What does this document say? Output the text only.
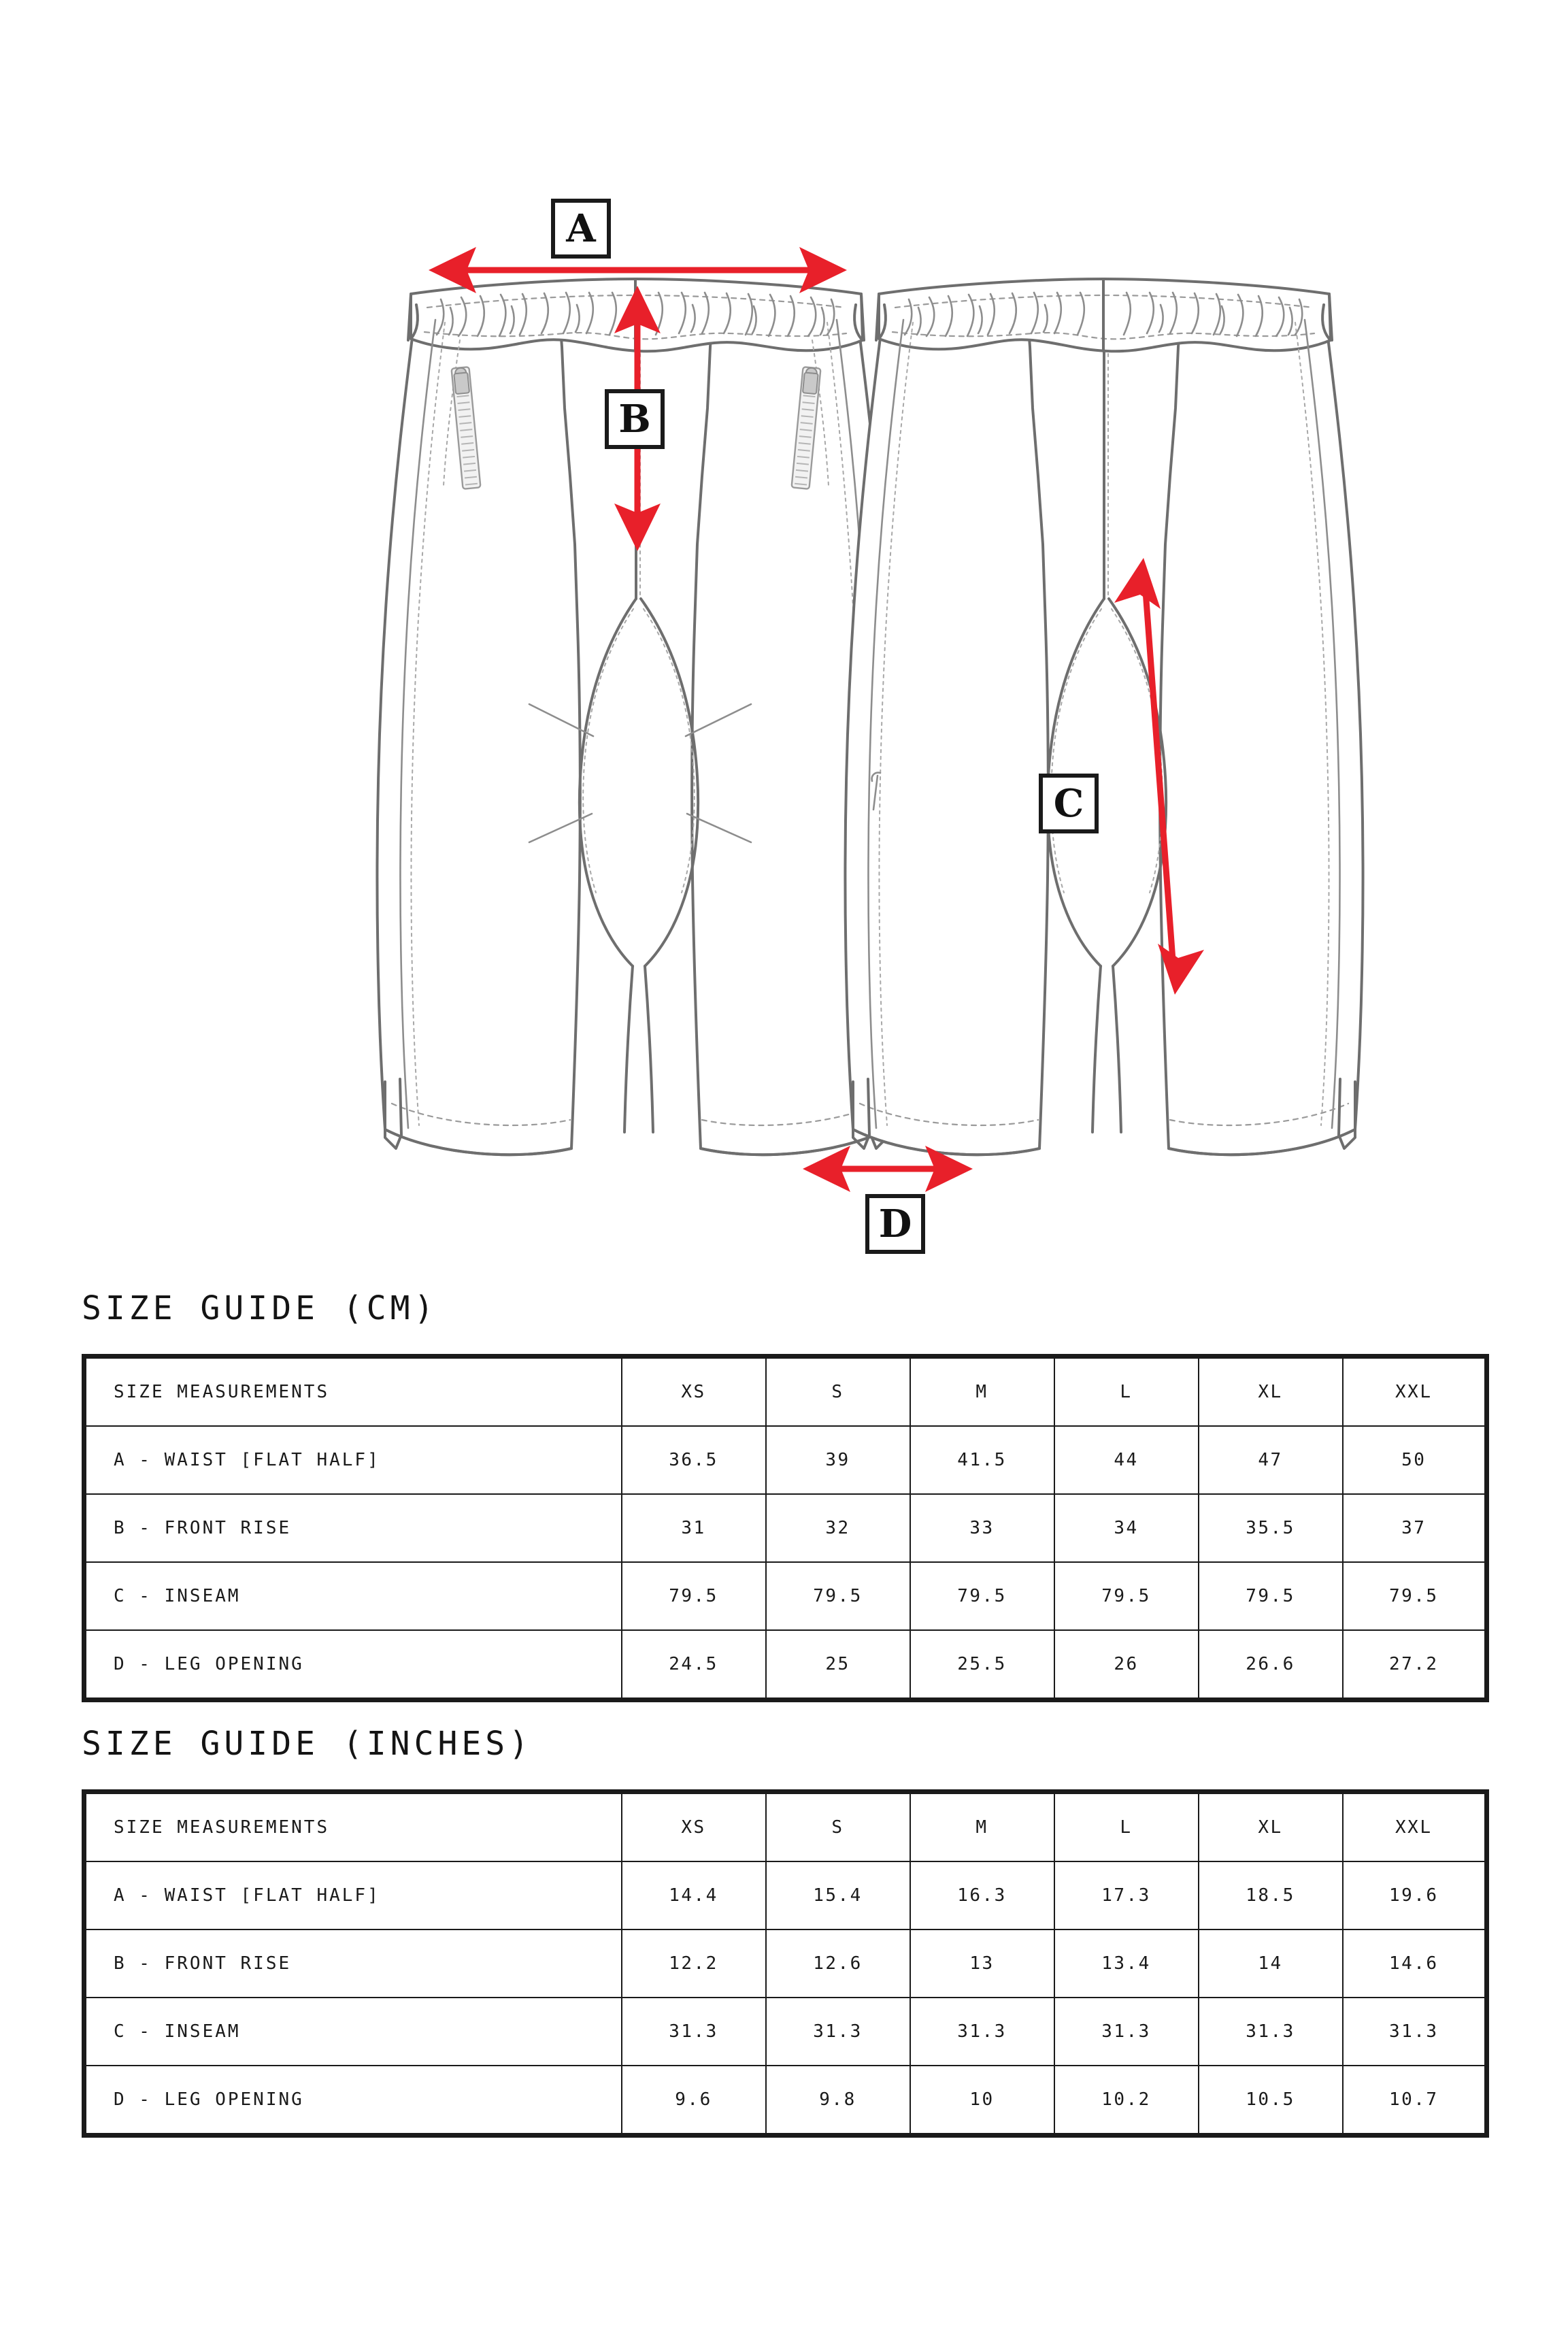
A
B
C
D
SIZE GUIDE (CM)
SIZE MEASUREMENTS	XS	S	M	L	XL	XXL
A - WAIST [FLAT HALF]	36.5	39	41.5	44	47	50
B - FRONT RISE	31	32	33	34	35.5	37
C - INSEAM	79.5	79.5	79.5	79.5	79.5	79.5
D - LEG OPENING	24.5	25	25.5	26	26.6	27.2
SIZE GUIDE (INCHES)
SIZE MEASUREMENTS	XS	S	M	L	XL	XXL
A - WAIST [FLAT HALF]	14.4	15.4	16.3	17.3	18.5	19.6
B - FRONT RISE	12.2	12.6	13	13.4	14	14.6
C - INSEAM	31.3	31.3	31.3	31.3	31.3	31.3
D - LEG OPENING	9.6	9.8	10	10.2	10.5	10.7
